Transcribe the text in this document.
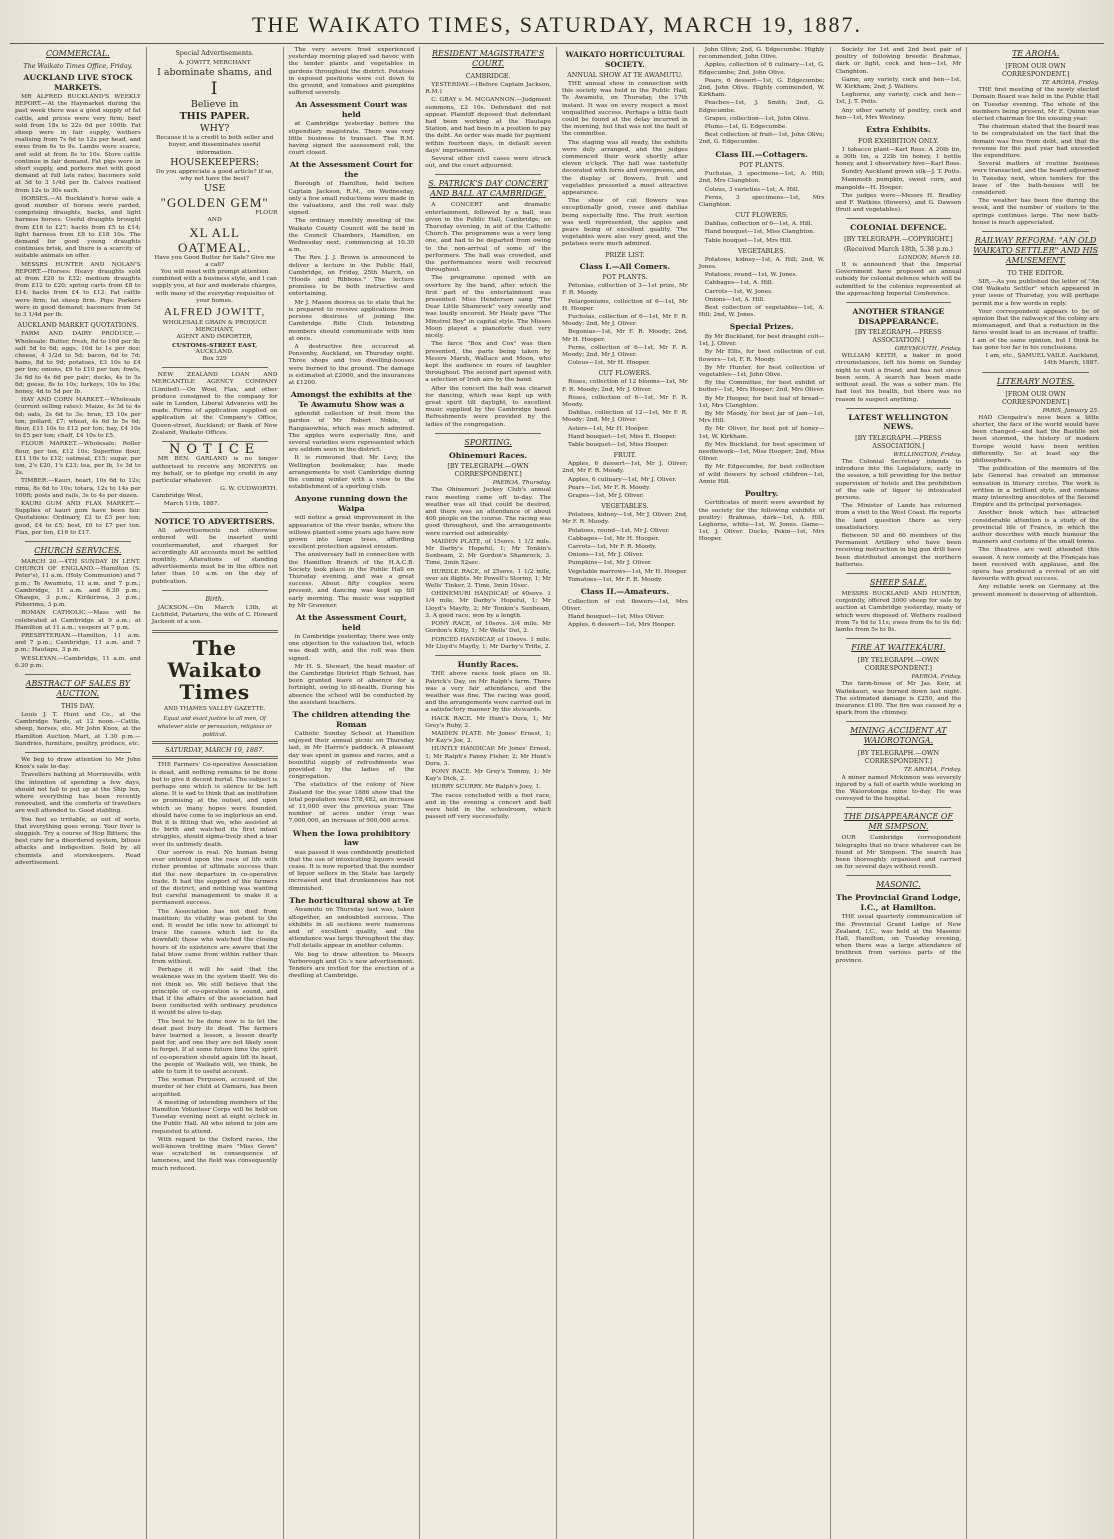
THE WAIKATO TIMES, SATURDAY, MARCH 19, 1887.
COMMERCIAL.
The Waikato Times Office, Friday.
AUCKLAND LIVE STOCK MARKETS.

MR ALFRED BUCKLAND'S WEEKLY REPORT.—At the Haymarket during the past week there was a good supply of fat cattle, and prices were very firm; beef sold from 18s to 22s 6d per 100lb. Fat sheep were in fair supply, wethers realising from 7s 6d to 12s per head, and ewes from 6s to 9s. Lambs were scarce, and sold at from 8s to 10s. Store cattle continue in fair demand. Fat pigs were in short supply, and porkers met with good demand at full late rates; baconers sold at 3d to 3 1/4d per lb. Calves realised from 12s to 30s each.

HORSES.—At Buckland's horse sale a good number of horses were yarded, comprising draughts, hacks, and light harness horses. Useful draughts brought from £16 to £27; hacks from £5 to £14; light harness from £8 to £18 10s. The demand for good young draughts continues brisk, and there is a scarcity of suitable animals on offer.

MESSRS HUNTER AND NOLAN'S REPORT.—Horses: Heavy draughts sold at from £20 to £32; medium draughts from £12 to £20; spring carts from £8 to £14; hacks from £4 to £12. Fat cattle were firm; fat sheep firm. Pigs: Porkers were in good demand; baconers from 3d to 3 1/4d per lb.

AUCKLAND MARKET QUOTATIONS.

FARM AND DAIRY PRODUCE.—Wholesale: Butter, fresh, 8d to 10d per lb; salt 5d to 6d; eggs, 10d to 1s per doz; cheese, 4 1/2d to 5d; bacon, 6d to 7d; hams, 8d to 9d; potatoes, £3 10s to £4 per ton; onions, £9 to £10 per ton; fowls, 3s 6d to 4s 6d per pair; ducks, 4s to 5s 6d; geese, 8s to 10s; turkeys, 10s to 16s; honey, 4d to 5d per lb.

HAY AND CORN MARKET.—Wholesale (current selling rates): Maize, 4s 3d to 4s 6d; oats, 2s 6d to 3s; bran, £5 10s per ton; pollard, £7; wheat, 4s 6d to 5s 6d; flour, £11 10s to £12 per ton; hay, £4 10s to £5 per ton; chaff, £4 10s to £5.

FLOUR MARKET.—Wholesale: Roller flour, per ton, £12 10s; Superfine flour, £11 10s to £12; oatmeal, £15; sugar, per ton, 2's £20, 1's £23; tea, per lb, 1s 3d to 2s.

TIMBER.—Kauri, heart, 10s 6d to 12s; rimu, 8s 6d to 10s; totara, 12s to 14s per 100ft; posts and rails, 3s to 4s per dozen.

KAURI GUM AND FLAX MARKET.—Supplies of kauri gum have been fair. Quotations: Ordinary, £2 to £3 per ton; good, £4 to £5; best, £6 to £7 per ton. Flax, per ton, £16 to £17.

CHURCH SERVICES.

MARCH 20.—4TH SUNDAY IN LENT. CHURCH OF ENGLAND.—Hamilton (S. Peter's), 11 a.m. (Holy Communion) and 7 p.m.; Te Awamutu, 11 a.m. and 7 p.m.; Cambridge, 11 a.m. and 6.30 p.m.; Ohaupo, 3 p.m.; Kirikiriroa, 3 p.m.; Pukerimu, 3 p.m.

ROMAN CATHOLIC.—Mass will be celebrated at Cambridge at 9 a.m.; at Hamilton at 11 a.m.; vespers at 7 p.m.

PRESBYTERIAN.—Hamilton, 11 a.m. and 7 p.m.; Cambridge, 11 a.m. and 7 p.m.; Hautapu, 3 p.m.

WESLEYAN.—Cambridge, 11 a.m. and 6.30 p.m.

ABSTRACT OF SALES BY AUCTION.
THIS DAY.

Louis J. T. Hunt and Co., at the Cambridge Yards, at 12 noon.—Cattle, sheep, horses, etc. Mr John Knox, at the Hamilton Auction Mart, at 1.30 p.m.—Sundries, furniture, poultry, produce, etc.

We beg to draw attention to Mr John Knox's sale to-day.

Travellers bathing at Morrinsville, with the intention of spending a few days, should not fail to put up at the Ship Inn, where everything has been recently renovated, and the comforts of travellers are well attended to. Good stabling.

You feel so irritable, so out of sorts, that everything goes wrong. Your liver is sluggish. Try a course of Hop Bitters; the best cure for a disordered system, bilious attacks and indigestion. Sold by all chemists and storekeepers. Read advertisement.

Special Advertisements.
A. JOWITT, MERCHANT
I abominate shams, and
I
Believe in
THIS PAPER.
WHY?
Because it is a credit to both seller and buyer, and disseminates useful information.
HOUSEKEEPERS:
Do you appreciate a good article? If so, why not have the best?
USE
"GOLDEN GEM"
FLOUR
AND
XL ALL OATMEAL.
Have you Good Butter for Sale? Give me a call?
You will meet with prompt attention combined with a business style, and I can supply you, at fair and moderate charges, with many of the everyday requisites of your homes.
ALFRED JOWITT,
WHOLESALE GRAIN & PRODUCE MERCHANT,
AGENT AND IMPORTER,
CUSTOMS-STREET EAST,
AUCKLAND.
Box 329

NEW ZEALAND LOAN AND MERCANTILE AGENCY COMPANY (Limited).—On Wool, Flax, and other produce consigned to the company for sale in London, Liberal Advances will be made. Forms of application supplied on application at the Company's Office, Queen-street, Auckland; or Bank of New Zealand, Waikato Offices.

NOTICE

MR BEN. GARLAND is no longer authorised to receive any MONEYS on my behalf, or to pledge my credit in any particular whatever.

G. W. CUDWORTH.
Cambridge West,
March 11th, 1887.
NOTICE TO ADVERTISERS.

All advertisements not otherwise ordered will be inserted until countermanded, and charged for accordingly. All accounts must be settled monthly. Alterations of standing advertisements must be in the office not later than 10 a.m. on the day of publication.

Birth.

JACKSON.—On March 13th, at Lichfield, Putaruru, the wife of C. Howard Jackson of a son.

The Waikato Times
AND THAMES VALLEY GAZETTE.
Equal and exact justice to all men, Of whatever state or persuasion, religious or political.
SATURDAY, MARCH 19, 1887.

THE Farmers' Co-operative Association is dead, and nothing remains to be done but to give it decent burial. The subject is perhaps one which is silence to be left alone. It is sad to think that an institution so promising at the outset, and upon which so many hopes were founded, should have come to so inglorious an end. But it is fitting that we, who assisted at its birth and watched its first infant struggles, should sigma-tively shed a tear over its untimely death.

Our sorrow is real. No human being ever entered upon the race of life with richer promise of ultimate success than did the new departure in co-operative trade. It had the support of the farmers of the district, and nothing was wanting but careful management to make it a permanent success.

The Association has not died from inanition; its vitality was potent to the end. It would be idle now to attempt to trace the causes which led to its downfall; those who watched the closing hours of its existence are aware that the fatal blow came from within rather than from without.

Perhaps it will be said that the weakness was in the system itself. We do not think so. We still believe that the principle of co-operation is sound, and that if the affairs of the association had been conducted with ordinary prudence it would be alive to-day.

The best to be done now is to let the dead past bury its dead. The farmers have learned a lesson, a lesson dearly paid for, and one they are not likely soon to forget. If at some future time the spirit of co-operation should again lift its head, the people of Waikato will, we think, be able to turn it to useful account.

The woman Ferguson, accused of the murder of her child at Oamaru, has been acquitted.

A meeting of intending members of the Hamilton Volunteer Corps will be held on Tuesday evening next at eight o'clock in the Public Hall. All who intend to join are requested to attend.

With regard to the Oxford races, the well-known trotting mare "Miss Gown" was scratched in consequence of lameness, and the field was consequently much reduced.

The very severe frost experienced yesterday morning played sad havoc with the tender plants and vegetables in gardens throughout the district. Potatoes in exposed positions were cut down to the ground, and tomatoes and pumpkins suffered severely.

An Assessment Court was held

at Cambridge yesterday before the stipendiary magistrate. There was very little business to transact. The R.M. having signed the assessment roll, the court closed.

At the Assessment Court for the

Borough of Hamilton, held before Captain Jackson, R.M., on Wednesday, only a few small reductions were made in the valuations, and the roll was duly signed.

The ordinary monthly meeting of the Waikato County Council will be held in the Council Chambers, Hamilton, on Wednesday next, commencing at 10.30 a.m.

The Rev. J. J. Brown is announced to deliver a lecture in the Public Hall, Cambridge, on Friday, 25th March, on "Hoods and Ribbons." The lecture promises to be both instructive and entertaining.

Mr J. Mason desires us to state that he is prepared to receive applications from persons desirous of joining the Cambridge Rifle Club. Intending members should communicate with him at once.

A destructive fire occurred at Ponsonby, Auckland, on Thursday night. Three shops and two dwelling-houses were burned to the ground. The damage is estimated at £2000, and the insurances at £1200.

Amongst the exhibits at the Te Awamutu Show was a

splendid collection of fruit from the garden of Mr Robert Noble, of Rangiaowhia, which was much admired. The apples were especially fine, and several varieties were represented which are seldom seen in the district.

It is rumoured that Mr Levy, the Wellington bookmaker, has made arrangements to visit Cambridge during the coming winter with a view to the establishment of a sporting club.

Anyone running down the Waipa

will notice a great improvement in the appearance of the river banks, where the willows planted some years ago have now grown into large trees, affording excellent protection against erosion.

The anniversary ball in connection with the Hamilton Branch of the H.A.C.B. Society took place in the Public Hall on Thursday evening, and was a great success. About fifty couples were present, and dancing was kept up till early morning. The music was supplied by Mr Gravener.

At the Assessment Court, held

in Cambridge yesterday, there was only one objection to the valuation list, which was dealt with, and the roll was then signed.

Mr H. S. Stewart, the head master of the Cambridge District High School, has been granted leave of absence for a fortnight, owing to ill-health. During his absence the school will be conducted by the assistant teachers.

The children attending the Roman

Catholic Sunday School at Hamilton enjoyed their annual picnic on Thursday last, in Mr Harris's paddock. A pleasant day was spent in games and races, and a bountiful supply of refreshments was provided by the ladies of the congregation.

The statistics of the colony of New Zealand for the year 1886 show that the total population was 578,482, an increase of 11,000 over the previous year. The number of acres under crop was 7,000,000, an increase of 500,000 acres.

When the Iowa prohibitory law

was passed it was confidently predicted that the use of intoxicating liquors would cease. It is now reported that the number of liquor sellers in the State has largely increased and that drunkenness has not diminished.

The horticultural show at Te

Awamutu on Thursday last was, taken altogether, an undoubted success. The exhibits in all sections were numerous and of excellent quality, and the attendance was large throughout the day. Full details appear in another column.

We beg to draw attention to Messrs Yarborough and Co.'s new advertisement. Tenders are invited for the erection of a dwelling at Cambridge.

RESIDENT MAGISTRATE'S COURT.
CAMBRIDGE.

YESTERDAY.—(Before Captain Jackson, R.M.)

C. GRAY v. M. MCGANNON.—Judgment summons, £2 10s. Defendant did not appear. Plaintiff deposed that defendant had been working at the Hautapu Station, and had been in a position to pay the debt. An order was made for payment within fourteen days, in default seven days' imprisonment.

Several other civil cases were struck out, and the court adjourned.

S. PATRICK'S DAY CONCERT AND BALL AT CAMBRIDGE.

A CONCERT and dramatic entertainment, followed by a ball, was given in the Public Hall, Cambridge, on Thursday evening, in aid of the Catholic Church. The programme was a very long one, and had to be departed from owing to the non-arrival of some of the performers. The hall was crowded, and the performances were well received throughout.

The programme opened with an overture by the band, after which the first part of the entertainment was presented. Miss Henderson sang "The Dear Little Shamrock" very sweetly and was loudly encored. Mr Healy gave "The Minstrel Boy" in capital style. The Misses Moon played a pianoforte duet very nicely.

The farce "Box and Cox" was then presented, the parts being taken by Messrs Marsh, Wallace and Moon, who kept the audience in roars of laughter throughout. The second part opened with a selection of Irish airs by the band.

After the concert the hall was cleared for dancing, which was kept up with great spirit till daylight, to excellent music supplied by the Cambridge band. Refreshments were provided by the ladies of the congregation.

SPORTING.
Ohinemuri Races.
[BY TELEGRAPH.—OWN CORRESPONDENT.]
PAEROA, Thursday.

The Ohinemuri Jockey Club's annual race meeting came off to-day. The weather was all that could be desired, and there was an attendance of about 400 people on the course. The racing was good throughout, and the arrangements were carried out admirably.

MAIDEN PLATE, of 15sovs. 1 1/2 mile. Mr Darby's Hopeful, 1; Mr Tonkin's Sunbeam, 2; Mr Gordon's Shamrock, 3. Time, 2min 52sec.

HURDLE RACE, of 25sovs. 1 1/2 mile, over six flights. Mr Powell's Stormy, 1; Mr Wells' Tinker, 2. Time, 3min 10sec.

OHINEMURI HANDICAP, of 40sovs. 1 1/4 mile. Mr Darby's Hopeful, 1; Mr Lloyd's Mayfly, 2; Mr Tonkin's Sunbeam, 3. A good race; won by a length.

PONY RACE, of 10sovs. 3/4 mile. Mr Gordon's Kitty, 1; Mr Wells' Dot, 2.

FORCED HANDICAP, of 10sovs. 1 mile. Mr Lloyd's Mayfly, 1; Mr Darby's Trifle, 2.

Huntly Races.

THE above races took place on St. Patrick's Day, on Mr Ralph's farm. There was a very fair attendance, and the weather was fine. The racing was good, and the arrangements were carried out in a satisfactory manner by the stewards.

HACK RACE. Mr Hunt's Dora, 1; Mr Grey's Ruby, 2.

MAIDEN PLATE. Mr Jones' Ernest, 1; Mr Kay's Joe, 2.

HUNTLY HANDICAP. Mr Jones' Ernest, 1; Mr Ralph's Fanny Fisher, 2; Mr Hunt's Dora, 3.

PONY RACE. Mr Grey's Tommy, 1; Mr Kay's Dick, 2.

HURRY SCURRY. Mr Ralph's Joey, 1.

The races concluded with a foot race, and in the evening a concert and ball were held in the schoolroom, which passed off very successfully.

WAIKATO HORTICULTURAL SOCIETY.
ANNUAL SHOW AT TE AWAMUTU.

THE annual show in connection with this society was held in the Public Hall, Te Awamutu, on Thursday, the 17th instant. It was on every respect a most unqualified success. Perhaps a little fault could be found at the delay incurred in the morning, but that was not the fault of the committee.

The staging was all ready, the exhibits were duly arranged, and the judges commenced their work shortly after eleven o'clock. The hall was tastefully decorated with ferns and evergreens, and the display of flowers, fruit and vegetables presented a most attractive appearance.

The show of cut flowers was exceptionally good, roses and dahlias being especially fine. The fruit section was well represented, the apples and pears being of excellent quality. The vegetables were also very good, and the potatoes were much admired.

PRIZE LIST.
Class I.—All Comers.
POT PLANTS.

Petunias, collection of 3—1st prize, Mr F. R. Moody.

Pelargoniums, collection of 6—1st, Mr H. Hooper.

Fuchsias, collection of 6—1st, Mr F. R. Moody; 2nd, Mr J. Oliver.

Begonias—1st, Mr F. R. Moody; 2nd, Mr H. Hooper.

Ferns, collection of 6—1st, Mr F. R. Moody; 2nd, Mr J. Oliver.

Coleus—1st, Mr H. Hooper.

CUT FLOWERS.

Roses, collection of 12 blooms—1st, Mr F. R. Moody; 2nd, Mr J. Oliver.

Roses, collection of 6—1st, Mr F. R. Moody.

Dahlias, collection of 12—1st, Mr F. R. Moody; 2nd, Mr J. Oliver.

Asters—1st, Mr H. Hooper.

Hand bouquet—1st, Miss E. Hooper.

Table bouquet—1st, Miss Hooper.

FRUIT.

Apples, 6 dessert—1st, Mr J. Oliver; 2nd, Mr F. R. Moody.

Apples, 6 culinary—1st, Mr J. Oliver.

Pears—1st, Mr F. R. Moody.

Grapes—1st, Mr J. Oliver.

VEGETABLES.

Potatoes, kidney—1st, Mr J. Oliver; 2nd, Mr F. R. Moody.

Potatoes, round—1st, Mr J. Oliver.

Cabbages—1st, Mr H. Hooper.

Carrots—1st, Mr F. R. Moody.

Onions—1st, Mr J. Oliver.

Pumpkins—1st, Mr J. Oliver.

Vegetable marrows—1st, Mr H. Hooper.

Tomatoes—1st, Mr F. R. Moody.

Class II.—Amateurs.

Collection of cut flowers—1st, Mrs Oliver.

Hand bouquet—1st, Miss Oliver.

Apples, 6 dessert—1st, Mrs Hooper.

John Olive; 2nd, G. Edgecumbe. Highly recommended, John Olive.

Apples, collection of 6 culinary—1st, G. Edgecumbe; 2nd, John Olive.

Pears, 6 dessert—1st, G. Edgecumbe; 2nd, John Olive. Highly commended, W. Kirkham.

Peaches—1st, J. Smith; 2nd, G. Edgecumbe.

Grapes, collection—1st, John Olive.

Plums—1st, G. Edgecumbe.

Best collection of fruit—1st, John Olive; 2nd, G. Edgecumbe.

Class III.—Cottagers.
POT PLANTS.

Fuchsias, 3 specimens—1st, A. Hill; 2nd, Mrs Clanghton.

Coleus, 3 varieties—1st, A. Hill.

Ferns, 3 specimens—1st, Mrs Clanghton.

CUT FLOWERS.

Dahlias, collection of 6—1st, A. Hill.

Hand bouquet—1st, Miss Clanghton.

Table bouquet—1st, Mrs Hill.

VEGETABLES.

Potatoes, kidney—1st, A. Hill; 2nd, W. Jones.

Potatoes, round—1st, W. Jones.

Cabbages—1st, A. Hill.

Carrots—1st, W. Jones.

Onions—1st, A. Hill.

Best collection of vegetables—1st, A. Hill; 2nd, W. Jones.

Special Prizes.

By Mr Buckland, for best draught colt—1st, J. Oliver.

By Mr Ellis, for best collection of cut flowers—1st, F. R. Moody.

By Mr Hunter, for best collection of vegetables—1st, John Olive.

By the Committee, for best exhibit of butter—1st, Mrs Hooper; 2nd, Mrs Oliver.

By Mr Hooper, for best loaf of bread—1st, Mrs Clanghton.

By Mr Moody, for best jar of jam—1st, Mrs Hill.

By Mr Oliver, for best pot of honey—1st, W. Kirkham.

By Mrs Buckland, for best specimen of needlework—1st, Miss Hooper; 2nd, Miss Oliver.

By Mr Edgecumbe, for best collection of wild flowers by school children—1st, Annie Hill.

Poultry.

Certificates of merit were awarded by the society for the following exhibits of poultry: Brahmas, dark—1st, A. Hill. Leghorns, white—1st, W. Jones. Game—1st, J. Oliver. Ducks, Pekin—1st, Mrs Hooper.

Society for 1st and 2nd best pair of poultry of following breeds: Brahmas, dark or light, cock and hen—1st, Mr Clanghton.

Game, any variety, cock and hen—1st, W. Kirkham; 2nd, J. Walters.

Leghorns, any variety, cock and hen—1st, J. T. Potts.

Any other variety of poultry, cock and hen—1st, Mrs Westney.

Extra Exhibits.
FOR EXHIBITION ONLY.

1 tobacco plant—Karl Ross. A 20lb tin, a 30lb tin, a 22lb tin honey, 1 bottle honey, and 1 observatory hive—Karl Ross.

Sundry Auckland grown silk—J. T. Potts.

Mammoth pumpkin, sweet corn, and mangolds—H. Hooper.

The judges were—Messrs H. Bradley and F. Watkins (flowers), and G. Dawson (fruit and vegetables).

COLONIAL DEFENCE.
[BY TELEGRAPH.—COPYRIGHT.]
(Received March 18th, 5.38 p.m.)
LONDON, March 18.

It is announced that the Imperial Government have proposed an annual subsidy for colonial defence which will be submitted to the colonies represented at the approaching Imperial Conference.

ANOTHER STRANGE DISAPPEARANCE.
[BY TELEGRAPH.—PRESS ASSOCIATION.]
GREYMOUTH, Friday.

WILLIAM KEITH, a baker in good circumstances, left his home on Sunday night to visit a friend, and has not since been seen. A search has been made without avail. He was a sober man. He had lost his health, but there was no reason to suspect anything.

LATEST WELLINGTON NEWS.
[BY TELEGRAPH.—PRESS ASSOCIATION.]
WELLINGTON, Friday.

The Colonial Secretary intends to introduce into the Legislature, early in the session, a bill providing for the better supervision of hotels and the prohibition of the sale of liquor to intoxicated persons.

The Minister of Lands has returned from a visit to the West Coast. He reports the land question there as very unsatisfactory.

Between 50 and 60 members of the Permanent Artillery who have been receiving instruction in big gun drill have been distributed amongst the northern batteries.

SHEEP SALE.

MESSRS BUCKLAND AND HUNTER, conjointly, offered 3000 sheep for sale by auction at Cambridge yesterday, many of which were disposed of. Wethers realised from 7s 6d to 11s; ewes from 6s to 9s 6d; lambs from 5s to 8s.

FIRE AT WAITEKAURI.
[BY TELEGRAPH.—OWN CORRESPONDENT.]
PAEROA, Friday.

The farm-house of Mr Jas. Keir, at Waitekauri, was burned down last night. The estimated damage is £250, and the insurance £100. The fire was caused by a spark from the chimney.

MINING ACCIDENT AT WAIOROTONGA.
[BY TELEGRAPH.—OWN CORRESPONDENT.]
TE AROHA, Friday.

A miner named Mckinnon was severely injured by a fall of earth while working in the Waiorotonga mine to-day. He was conveyed to the hospital.

THE DISAPPEARANCE OF MR SIMPSON.

OUR Cambridge correspondent telegraphs that no trace whatever can be found of Mr Simpson. The search has been thoroughly organised and carried on for several days without result.

MASONIC.
The Provincial Grand Lodge, I.C., at Hamilton.

THE usual quarterly communication of the Provincial Grand Lodge of New Zealand, I.C., was held at the Masonic Hall, Hamilton, on Tuesday evening, when there was a large attendance of brethren from various parts of the province.

TE AROHA.
[FROM OUR OWN CORRESPONDENT.]
TE AROHA, Friday.

THE first meeting of the newly elected Domain Board was held in the Public Hall on Tuesday evening. The whole of the members being present, Mr E. Quinn was elected chairman for the ensuing year.

The chairman stated that the board was to be congratulated on the fact that the domain was free from debt, and that the revenue for the past year had exceeded the expenditure.

Several matters of routine business were transacted, and the board adjourned to Tuesday next, when tenders for the lease of the bath-houses will be considered.

The weather has been fine during the week, and the number of visitors to the springs continues large. The new bath-house is much appreciated.

RAILWAY REFORM: "AN OLD WAIKATO SETTLER" AND HIS AMUSEMENT.
TO THE EDITOR.

SIR,—As you published the letter of "An Old Waikato Settler" which appeared in your issue of Thursday, you will perhaps permit me a few words in reply.

Your correspondent appears to be of opinion that the railways of the colony are mismanaged, and that a reduction in the fares would lead to an increase of traffic. I am of the same opinion, but I think he has gone too far in his conclusions.

I am, etc., SAMUEL VAILE. Auckland, 14th March, 1887.

LITERARY NOTES.
[FROM OUR OWN CORRESPONDENT.]
PARIS, January 25.

HAD Cleopatra's nose been a little shorter, the face of the world would have been changed—and had the Bastille not been stormed, the history of modern Europe would have been written differently. So at least say the philosophers.

The publication of the memoirs of the late General has created an immense sensation in literary circles. The work is written in a brilliant style, and contains many interesting anecdotes of the Second Empire and its principal personages.

Another book which has attracted considerable attention is a study of the provincial life of France, in which the author describes with much humour the manners and customs of the small towns.

The theatres are well attended this season. A new comedy at the Français has been received with applause, and the opera has produced a revival of an old favourite with great success.

Any reliable work on Germany at the present moment is deserving of attention.
